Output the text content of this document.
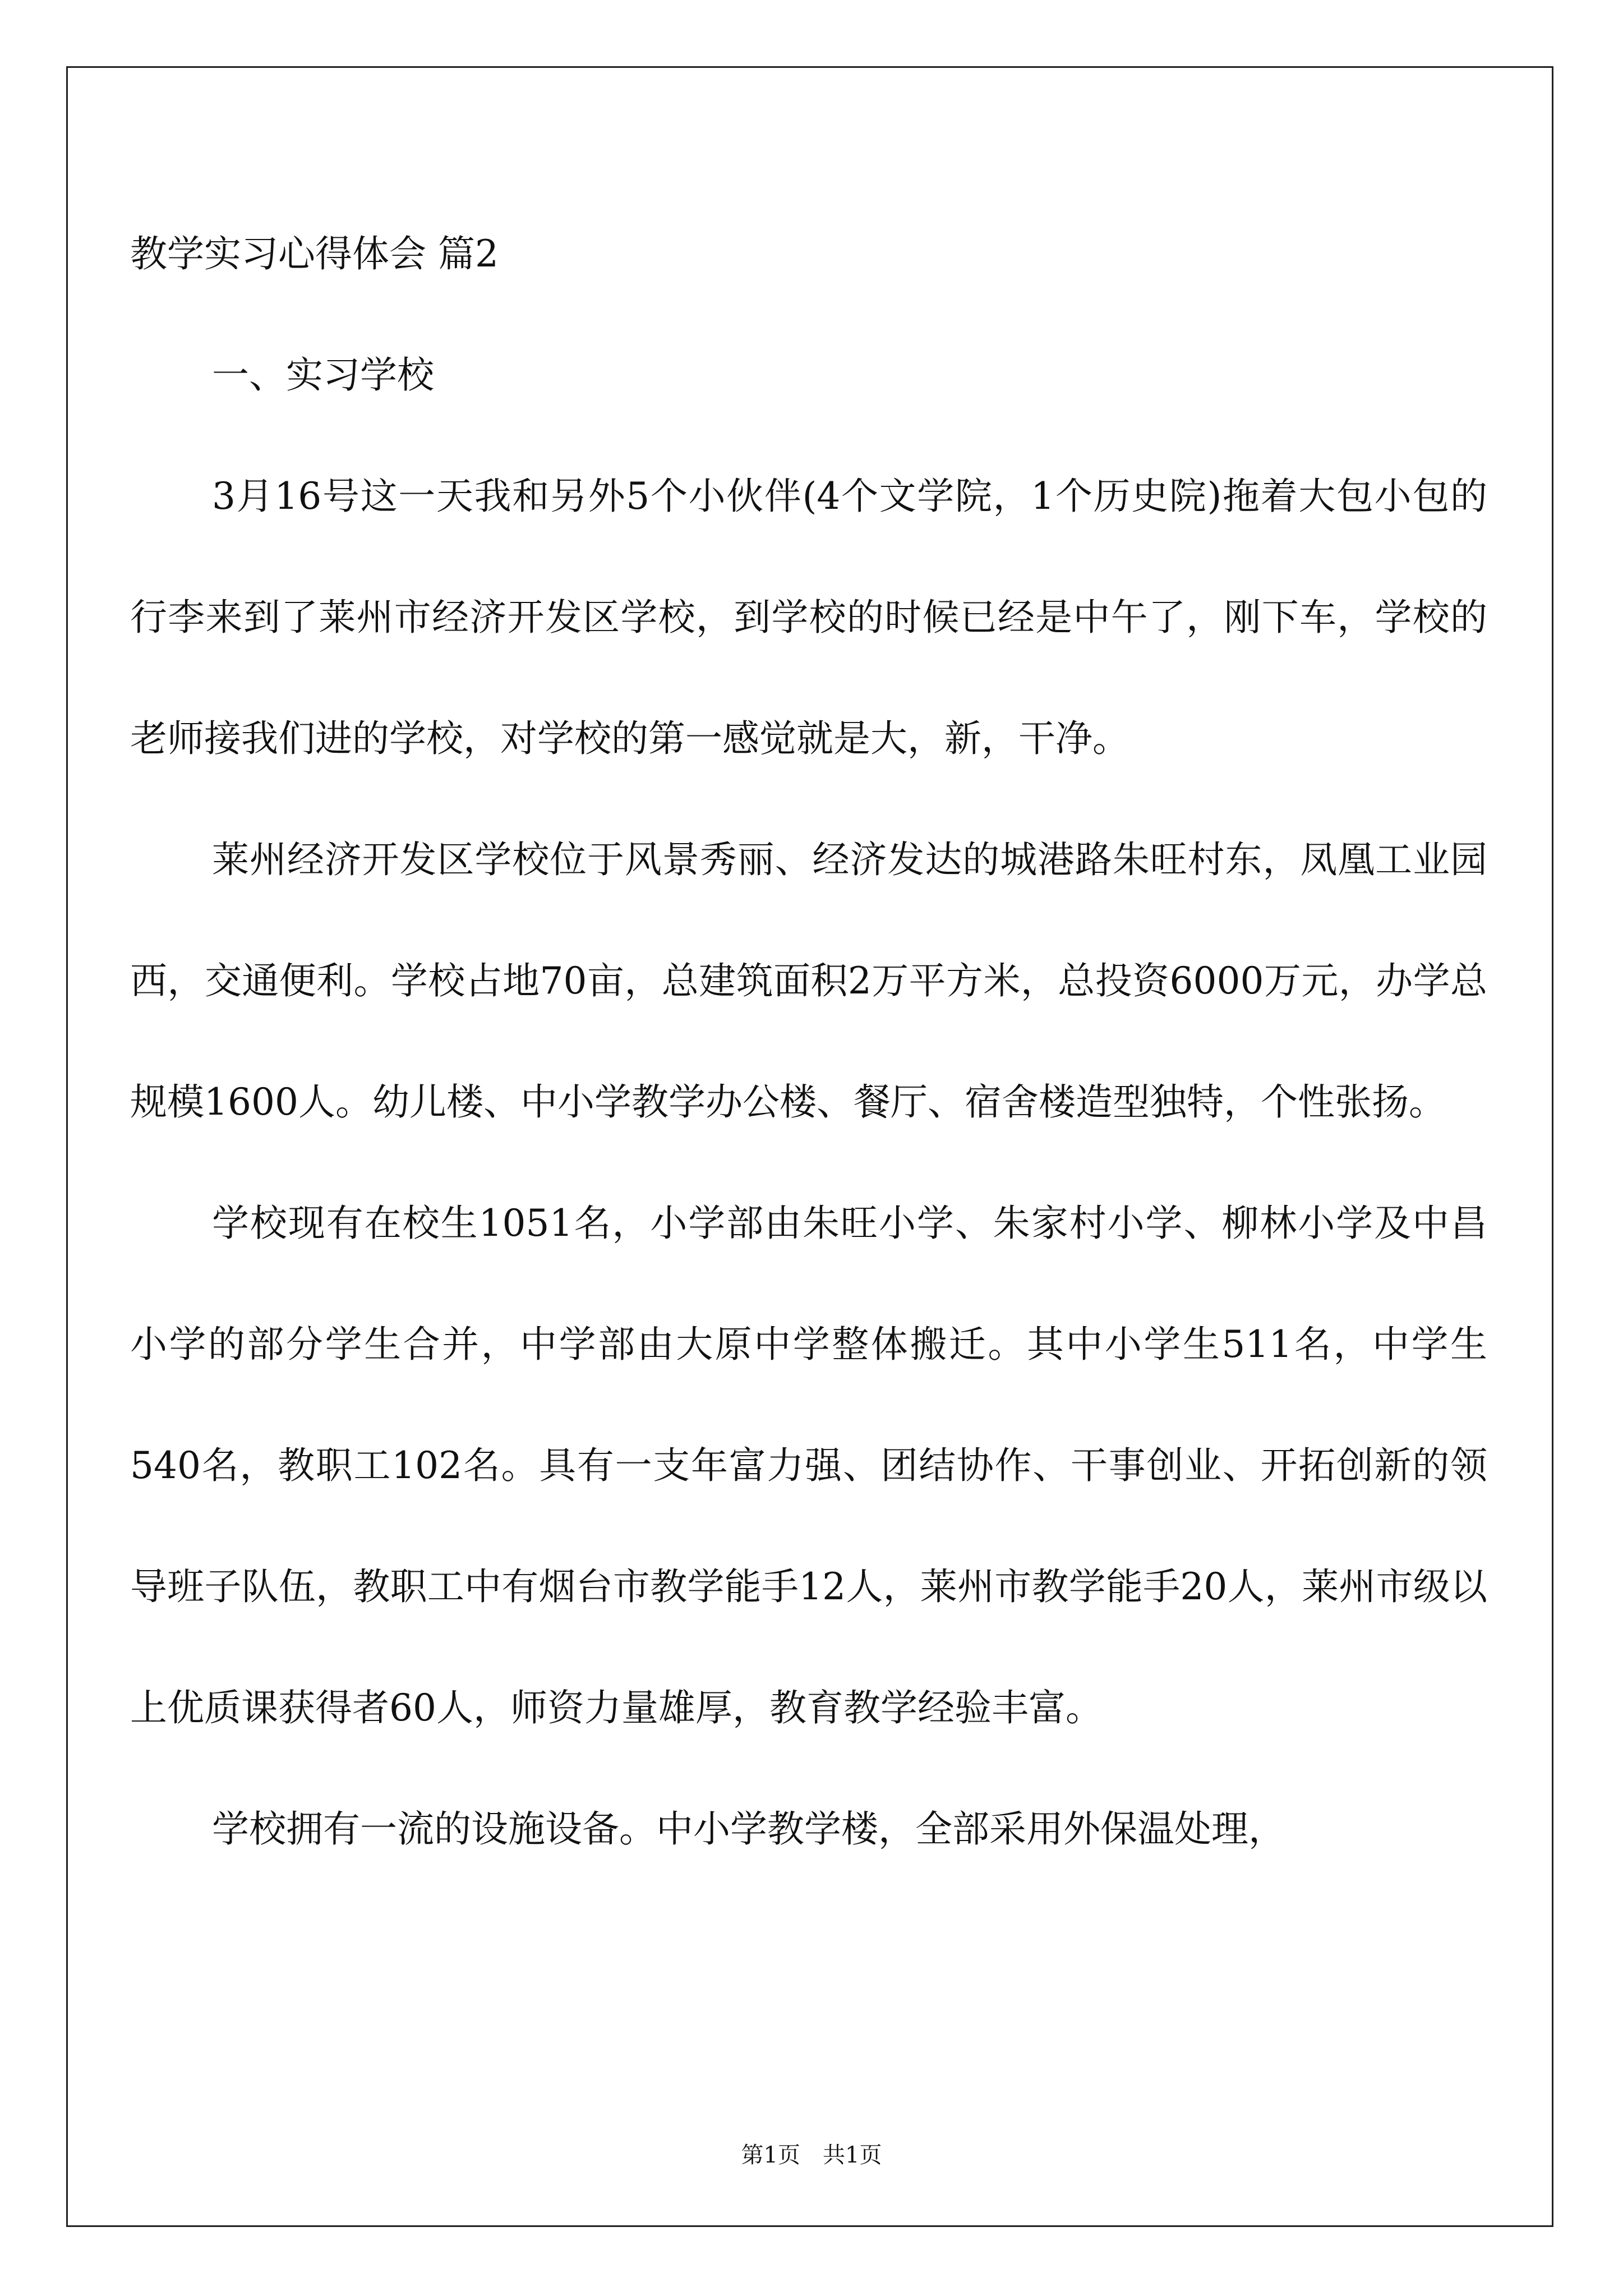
教学实习心得体会 篇2

一、实习学校

3月16号这一天我和另外5个小伙伴(4个文学院，1个历史院)拖着大包小包的行李来到了莱州市经济开发区学校，到学校的时候已经是中午了，刚下车，学校的老师接我们进的学校，对学校的第一感觉就是大，新，干净。

莱州经济开发区学校位于风景秀丽、经济发达的城港路朱旺村东，凤凰工业园西，交通便利。学校占地70亩，总建筑面积2万平方米，总投资6000万元，办学总规模1600人。幼儿楼、中小学教学办公楼、餐厅、宿舍楼造型独特，个性张扬。

学校现有在校生1051名，小学部由朱旺小学、朱家村小学、柳林小学及中昌小学的部分学生合并，中学部由大原中学整体搬迁。其中小学生511名，中学生540名，教职工102名。具有一支年富力强、团结协作、干事创业、开拓创新的领导班子队伍，教职工中有烟台市教学能手12人，莱州市教学能手20人，莱州市级以上优质课获得者60人，师资力量雄厚，教育教学经验丰富。

学校拥有一流的设施设备。中小学教学楼，全部采用外保温处理，

第1页 共1页
